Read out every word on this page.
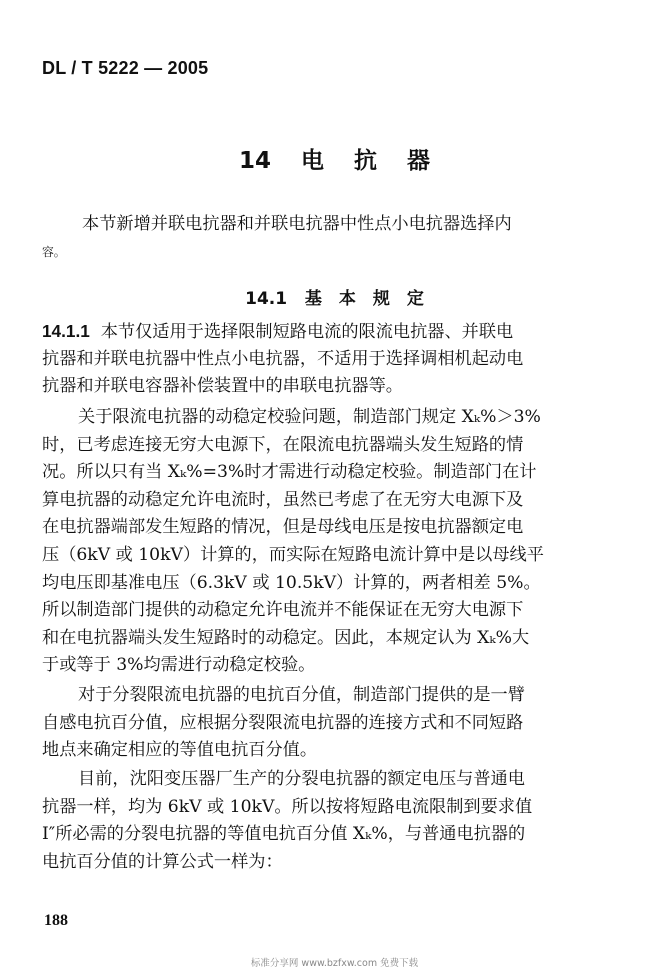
DL / T 5222 — 2005
14 电 抗 器
本节新增并联电抗器和并联电抗器中性点小电抗器选择内
容。
14.1 基　本　规　定
14.1.1 本节仅适用于选择限制短路电流的限流电抗器、并联电
抗器和并联电抗器中性点小电抗器，不适用于选择调相机起动电
抗器和并联电容器补偿装置中的串联电抗器等。
关于限流电抗器的动稳定校验问题，制造部门规定 Xₖ%＞3%
时，已考虑连接无穷大电源下，在限流电抗器端头发生短路的情
况。所以只有当 Xₖ%=3%时才需进行动稳定校验。制造部门在计
算电抗器的动稳定允许电流时，虽然已考虑了在无穷大电源下及
在电抗器端部发生短路的情况，但是母线电压是按电抗器额定电
压（6kV 或 10kV）计算的，而实际在短路电流计算中是以母线平
均电压即基准电压（6.3kV 或 10.5kV）计算的，两者相差 5%。
所以制造部门提供的动稳定允许电流并不能保证在无穷大电源下
和在电抗器端头发生短路时的动稳定。因此，本规定认为 Xₖ%大
于或等于 3%均需进行动稳定校验。
对于分裂限流电抗器的电抗百分值，制造部门提供的是一臂
自感电抗百分值，应根据分裂限流电抗器的连接方式和不同短路
地点来确定相应的等值电抗百分值。
目前，沈阳变压器厂生产的分裂电抗器的额定电压与普通电
抗器一样，均为 6kV 或 10kV。所以按将短路电流限制到要求值
I″所必需的分裂电抗器的等值电抗百分值 Xₖ%，与普通电抗器的
电抗百分值的计算公式一样为：
188
标准分享网 www.bzfxw.com 免费下载
